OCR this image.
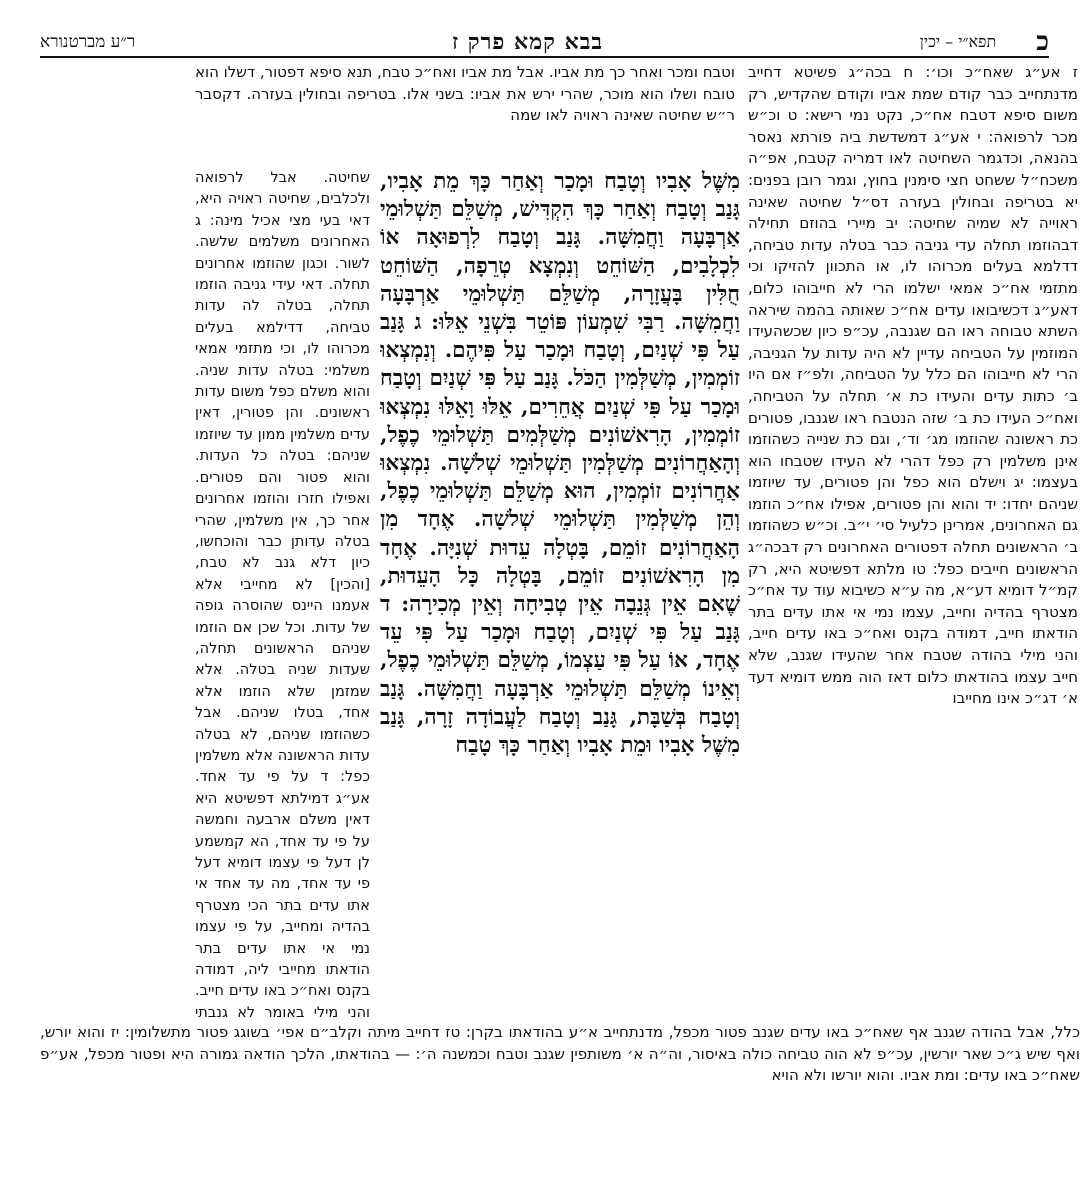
כ
תפא״י – יכין
בבא קמא פרק ז
ר״ע מברטנורא

ז אע״ג שאח״כ וכו׳: ח בכה״ג פשיטא דחייב מדנתחייב כבר קודם שמת אביו וקודם שהקדיש, רק משום סיפא דטבח אח״כ, נקט נמי רישא: ט וכ״ש מכר לרפואה: י אע״ג דמשדשת ביה פורתא נאסר בהנאה, וכדגמר השחיטה לאו דמריה קטבח, אפ״ה משכח״ל ששחט חצי סימנין בחוץ, וגמר רובן בפנים: יא בטריפה ובחולין בעזרה דס״ל שחיטה שאינה ראוייה לא שמיה שחיטה: יב מיירי בהוזם תחילה דבהוזמו תחלה עדי גניבה כבר בטלה עדות טביחה, דדלמא בעלים מכרוהו לו, או התכוון להזיקו וכי מתזמי אח״כ אמאי ישלמו הרי לא חייבוהו כלום, דאע״ג דכשיבואו עדים אח״כ שאותה בהמה שיראה השתא טבוחה ראו הם שגנבה, עכ״פ כיון שכשהעידו המוזמין על הטביחה עדיין לא היה עדות על הגניבה, הרי לא חייבוהו הם כלל על הטביחה, ולפ״ז אם היו ב׳ כתות עדים והעידו כת א׳ תחלה על הטביחה, ואח״כ העידו כת ב׳ שזה הנטבח ראו שגנבו, פטורים כת ראשונה שהוזמו מג׳ וד׳, וגם כת שנייה כשהוזמו אינן משלמין רק כפל דהרי לא העידו שטבחו הוא בעצמו: יג וישלם הוא כפל והן פטורים, עד שיוזמו שניהם יחדו: יד והוא והן פטורים, אפילו אח״כ הוזמו גם האחרונים, אמרינן כלעיל סי׳ י״ב. וכ״ש כשהוזמו ב׳ הראשונים תחלה דפטורים האחרונים רק דבכה״ג הראשונים חייבים כפל: טו מלתא דפשיטא היא, רק קמ״ל דומיא דע״א, מה ע״א כשיבוא עוד עד אח״כ מצטרף בהדיה וחייב, עצמו נמי אי אתו עדים בתר הודאתו חייב, דמודה בקנס ואח״כ באו עדים חייב, והני מילי בהודה שטבח אחר שהעידו שגנב, שלא חייב עצמו בהודאתו כלום דאז הוה ממש דומיא דעד א׳ דג״כ אינו מחייבו

וטבח ומכר ואחר כך מת אביו. אבל מת אביו ואח״כ טבח, תנא סיפא דפטור, דשלו הוא טובח ושלו הוא מוכר, שהרי ירש את אביו: בשני אלו. בטריפה ובחולין בעזרה. דקסבר ר״ש שחיטה שאינה ראויה לאו שמה

מִשֶּׁל אָבִיו וְטָבַח וּמָכַר וְאַחַר כָּךְ מֵת אָבִיו, גָּנַב וְטָבַח וְאַחַר כָּךְ הִקְדִּישׁ, מְשַׁלֵּם תַּשְׁלוּמֵי אַרְבָּעָה וַחֲמִשָּׁה. גָּנַב וְטָבַח לִרְפוּאָה אוֹ לִכְלָבִים, הַשּׁוֹחֵט וְנִמְצָא טְרֵפָה, הַשּׁוֹחֵט חֻלִּין בָּעֲזָרָה, מְשַׁלֵּם תַּשְׁלוּמֵי אַרְבָּעָה וַחֲמִשָּׁה. רַבִּי שִׁמְעוֹן פּוֹטֵר בִּשְׁנֵי אֵלּוּ: ג גָּנַב עַל פִּי שְׁנַיִם, וְטָבַח וּמָכַר עַל פִּיהֶם. וְנִמְצְאוּ זוֹמְמִין, מְשַׁלְּמִין הַכֹּל. גָּנַב עַל פִּי שְׁנַיִם וְטָבַח וּמָכַר עַל פִּי שְׁנַיִם אֲחֵרִים, אֵלּוּ וָאֵלּוּ נִמְצְאוּ זוֹמְמִין, הָרִאשׁוֹנִים מְשַׁלְּמִים תַּשְׁלוּמֵי כֶפֶל, וְהָאַחֲרוֹנִים מְשַׁלְּמִין תַּשְׁלוּמֵי שְׁלשָׁה. נִמְצְאוּ אַחֲרוֹנִים זוֹמְמִין, הוּא מְשַׁלֵּם תַּשְׁלוּמֵי כֶפֶל, וְהֵן מְשַׁלְּמִין תַּשְׁלוּמֵי שְׁלשָׁה. אֶחָד מִן הָאַחֲרוֹנִים זוֹמֵם, בָּטְלָה עֵדוּת שְׁנִיָּה. אֶחָד מִן הָרִאשׁוֹנִים זוֹמֵם, בָּטְלָה כָּל הָעֵדוּת, שֶׁאִם אֵין גְּנֵבָה אֵין טְבִיחָה וְאֵין מְכִירָה: ד גָּנַב עַל פִּי שְׁנַיִם, וְטָבַח וּמָכַר עַל פִּי עֵד אֶחָד, אוֹ עַל פִּי עַצְמוֹ, מְשַׁלֵּם תַּשְׁלוּמֵי כֶפֶל, וְאֵינוֹ מְשַׁלֵּם תַּשְׁלוּמֵי אַרְבָּעָה וַחֲמִשָּׁה. גָּנַב וְטָבַח בְּשַׁבָּת, גָּנַב וְטָבַח לַעֲבוֹדָה זָרָה, גָּנַב מִשֶּׁל אָבִיו וּמֵת אָבִיו וְאַחַר כָּךְ טָבַח

שחיטה. אבל לרפואה ולכלבים, שחיטה ראויה היא, דאי בעי מצי אכיל מינה: ג האחרונים משלמים שלשה. לשור. וכגון שהוזמו אחרונים תחלה. דאי עידי גניבה הוזמו תחלה, בטלה לה עדות טביחה, דדילמא בעלים מכרוהו לו, וכי מתזמי אמאי משלמי: בטלה עדות שניה. והוא משלם כפל משום עדות ראשונים. והן פטורין, דאין עדים משלמין ממון עד שיוזמו שניהם: בטלה כל העדות. והוא פטור והם פטורים. ואפילו חזרו והוזמו אחרונים אחר כך, אין משלמין, שהרי בטלה עדותן כבר והוכחשו, כיון דלא גנב לא טבח, [והכין] לא מחייבי אלא אעמנו היינס שהוסרה גופה של עדות. וכל שכן אם הוזמו שניהם הראשונים תחלה, שעדות שניה בטלה. אלא שמזמן שלא הוזמו אלא אחד, בטלו שניהם. אבל כשהוזמו שניהם, לא בטלה עדות הראשונה אלא משלמין כפל: ד על פי עד אחד. אע״ג דמילתא דפשיטא היא דאין משלם ארבעה וחמשה על פי עד אחד, הא קמשמע לן דעל פי עצמו דומיא דעל פי עד אחד, מה עד אחד אי אתו עדים בתר הכי מצטרף בהדיה ומחייב, על פי עצמו נמי אי אתו עדים בתר הודאתו מחייבי ליה, דמודה בקנס ואח״כ באו עדים חייב. והני מילי באומר לא גנבתי

כלל, אבל בהודה שגנב אף שאח״כ באו עדים שגנב פטור מכפל, מדנתחייב א״ע בהודאתו בקרן: טז דחייב מיתה וקלב״ם אפי׳ בשוגג פטור מתשלומין: יז והוא יורש, ואף שיש ג״כ שאר יורשין, עכ״פ לא הוה טביחה כולה באיסור, וה״ה א׳ משותפין שגנב וטבח וכמשנה ה׳: — בהודאתו, הלכך הודאה גמורה היא ופטור מכפל, אע״פ שאח״כ באו עדים: ומת אביו. והוא יורשו ולא הויא
